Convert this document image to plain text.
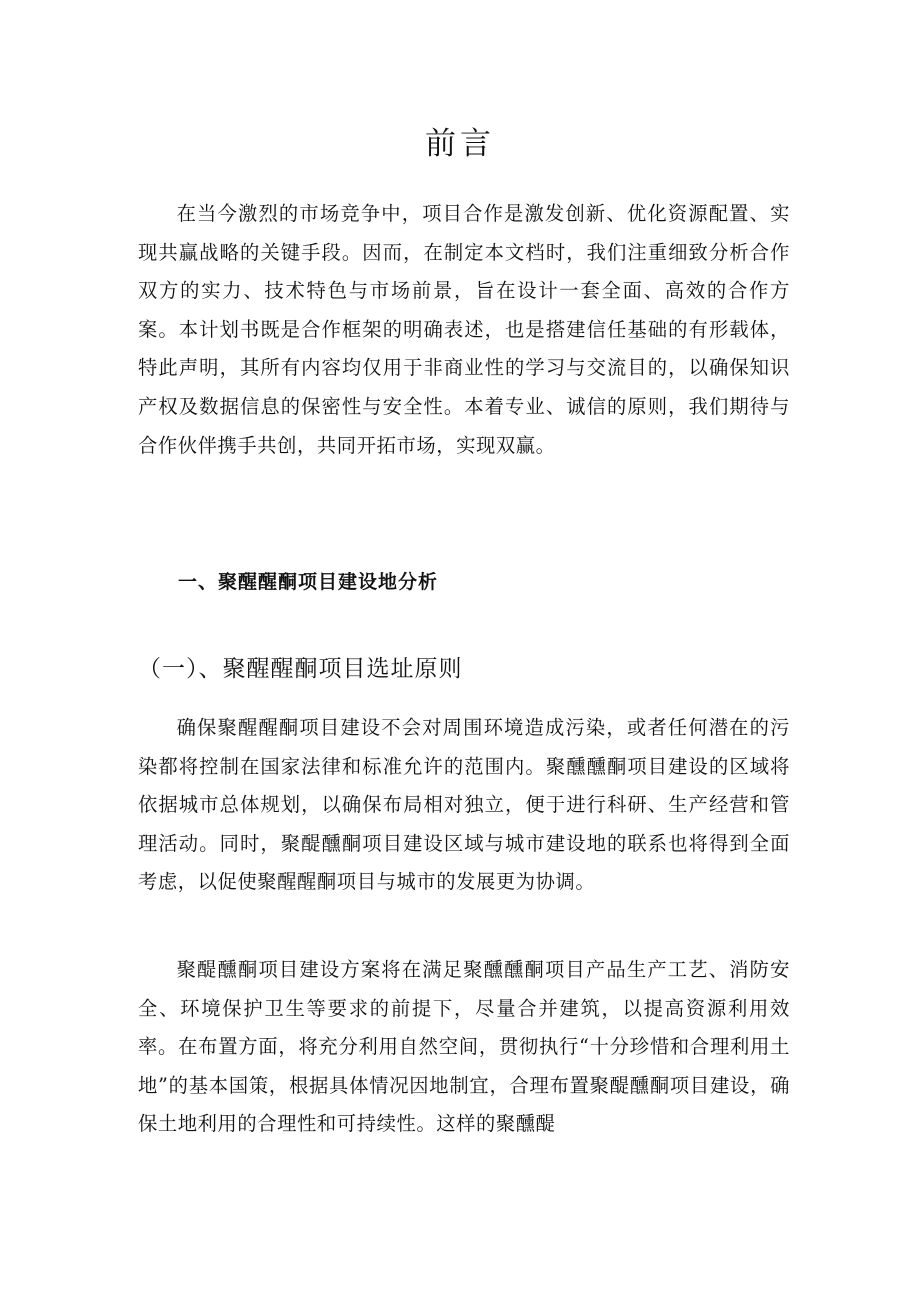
前言

在当今激烈的市场竞争中，项目合作是激发创新、优化资源配置、实现共赢战略的关键手段。因而，在制定本文档时，我们注重细致分析合作双方的实力、技术特色与市场前景，旨在设计一套全面、高效的合作方案。本计划书既是合作框架的明确表述，也是搭建信任基础的有形载体，特此声明，其所有内容均仅用于非商业性的学习与交流目的，以确保知识产权及数据信息的保密性与安全性。本着专业、诚信的原则，我们期待与合作伙伴携手共创，共同开拓市场，实现双赢。

一、聚醒醒酮项目建设地分析
（一）、聚醒醒酮项目选址原则

确保聚醒醒酮项目建设不会对周围环境造成污染，或者任何潜在的污染都将控制在国家法律和标准允许的范围内。聚醺醺酮项目建设的区域将依据城市总体规划，以确保布局相对独立，便于进行科研、生产经营和管理活动。同时，聚醍醺酮项目建设区域与城市建设地的联系也将得到全面考虑，以促使聚醒醒酮项目与城市的发展更为协调。

聚醍醺酮项目建设方案将在满足聚醺醺酮项目产品生产工艺、消防安全、环境保护卫生等要求的前提下，尽量合并建筑，以提高资源利用效率。在布置方面，将充分利用自然空间，贯彻执行“十分珍惜和合理利用土地”的基本国策，根据具体情况因地制宜，合理布置聚醍醺酮项目建设，确保土地利用的合理性和可持续性。这样的聚醺醍
